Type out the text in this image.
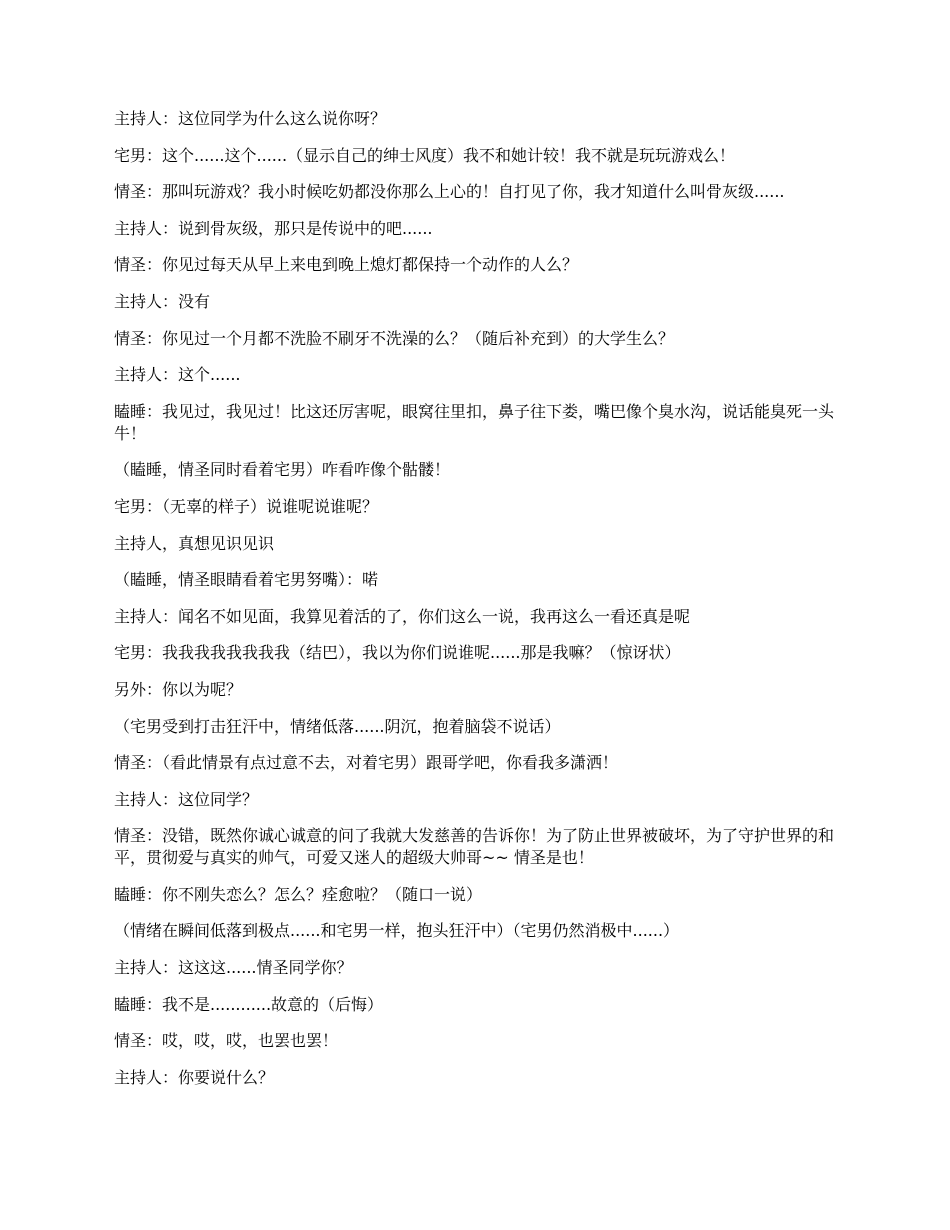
主持人：这位同学为什么这么说你呀？

宅男：这个......这个......（显示自己的绅士风度）我不和她计较！我不就是玩玩游戏么！

情圣：那叫玩游戏？我小时候吃奶都没你那么上心的！自打见了你，我才知道什么叫骨灰级......

主持人：说到骨灰级，那只是传说中的吧......

情圣：你见过每天从早上来电到晚上熄灯都保持一个动作的人么？

主持人：没有

情圣：你见过一个月都不洗脸不刷牙不洗澡的么？（随后补充到）的大学生么？

主持人：这个......

瞌睡：我见过，我见过！比这还厉害呢，眼窝往里扣，鼻子往下娄，嘴巴像个臭水沟，说话能臭死一头牛！

（瞌睡，情圣同时看着宅男）咋看咋像个骷髅！

宅男：（无辜的样子）说谁呢说谁呢？

主持人，真想见识见识

（瞌睡，情圣眼睛看着宅男努嘴）：喏

主持人：闻名不如见面，我算见着活的了，你们这么一说，我再这么一看还真是呢

宅男：我我我我我我我我（结巴），我以为你们说谁呢......那是我嘛？（惊讶状）

另外：你以为呢？

（宅男受到打击狂汗中，情绪低落......阴沉，抱着脑袋不说话）

情圣：（看此情景有点过意不去，对着宅男）跟哥学吧，你看我多潇洒！

主持人：这位同学？

情圣：没错，既然你诚心诚意的问了我就大发慈善的告诉你！为了防止世界被破坏，为了守护世界的和平，贯彻爱与真实的帅气，可爱又迷人的超级大帅哥~~ 情圣是也！

瞌睡：你不刚失恋么？怎么？痊愈啦？（随口一说）

（情绪在瞬间低落到极点......和宅男一样，抱头狂汗中）（宅男仍然消极中......）

主持人：这这这......情圣同学你？

瞌睡：我不是............故意的（后悔）

情圣：哎，哎，哎，也罢也罢！

主持人：你要说什么？
